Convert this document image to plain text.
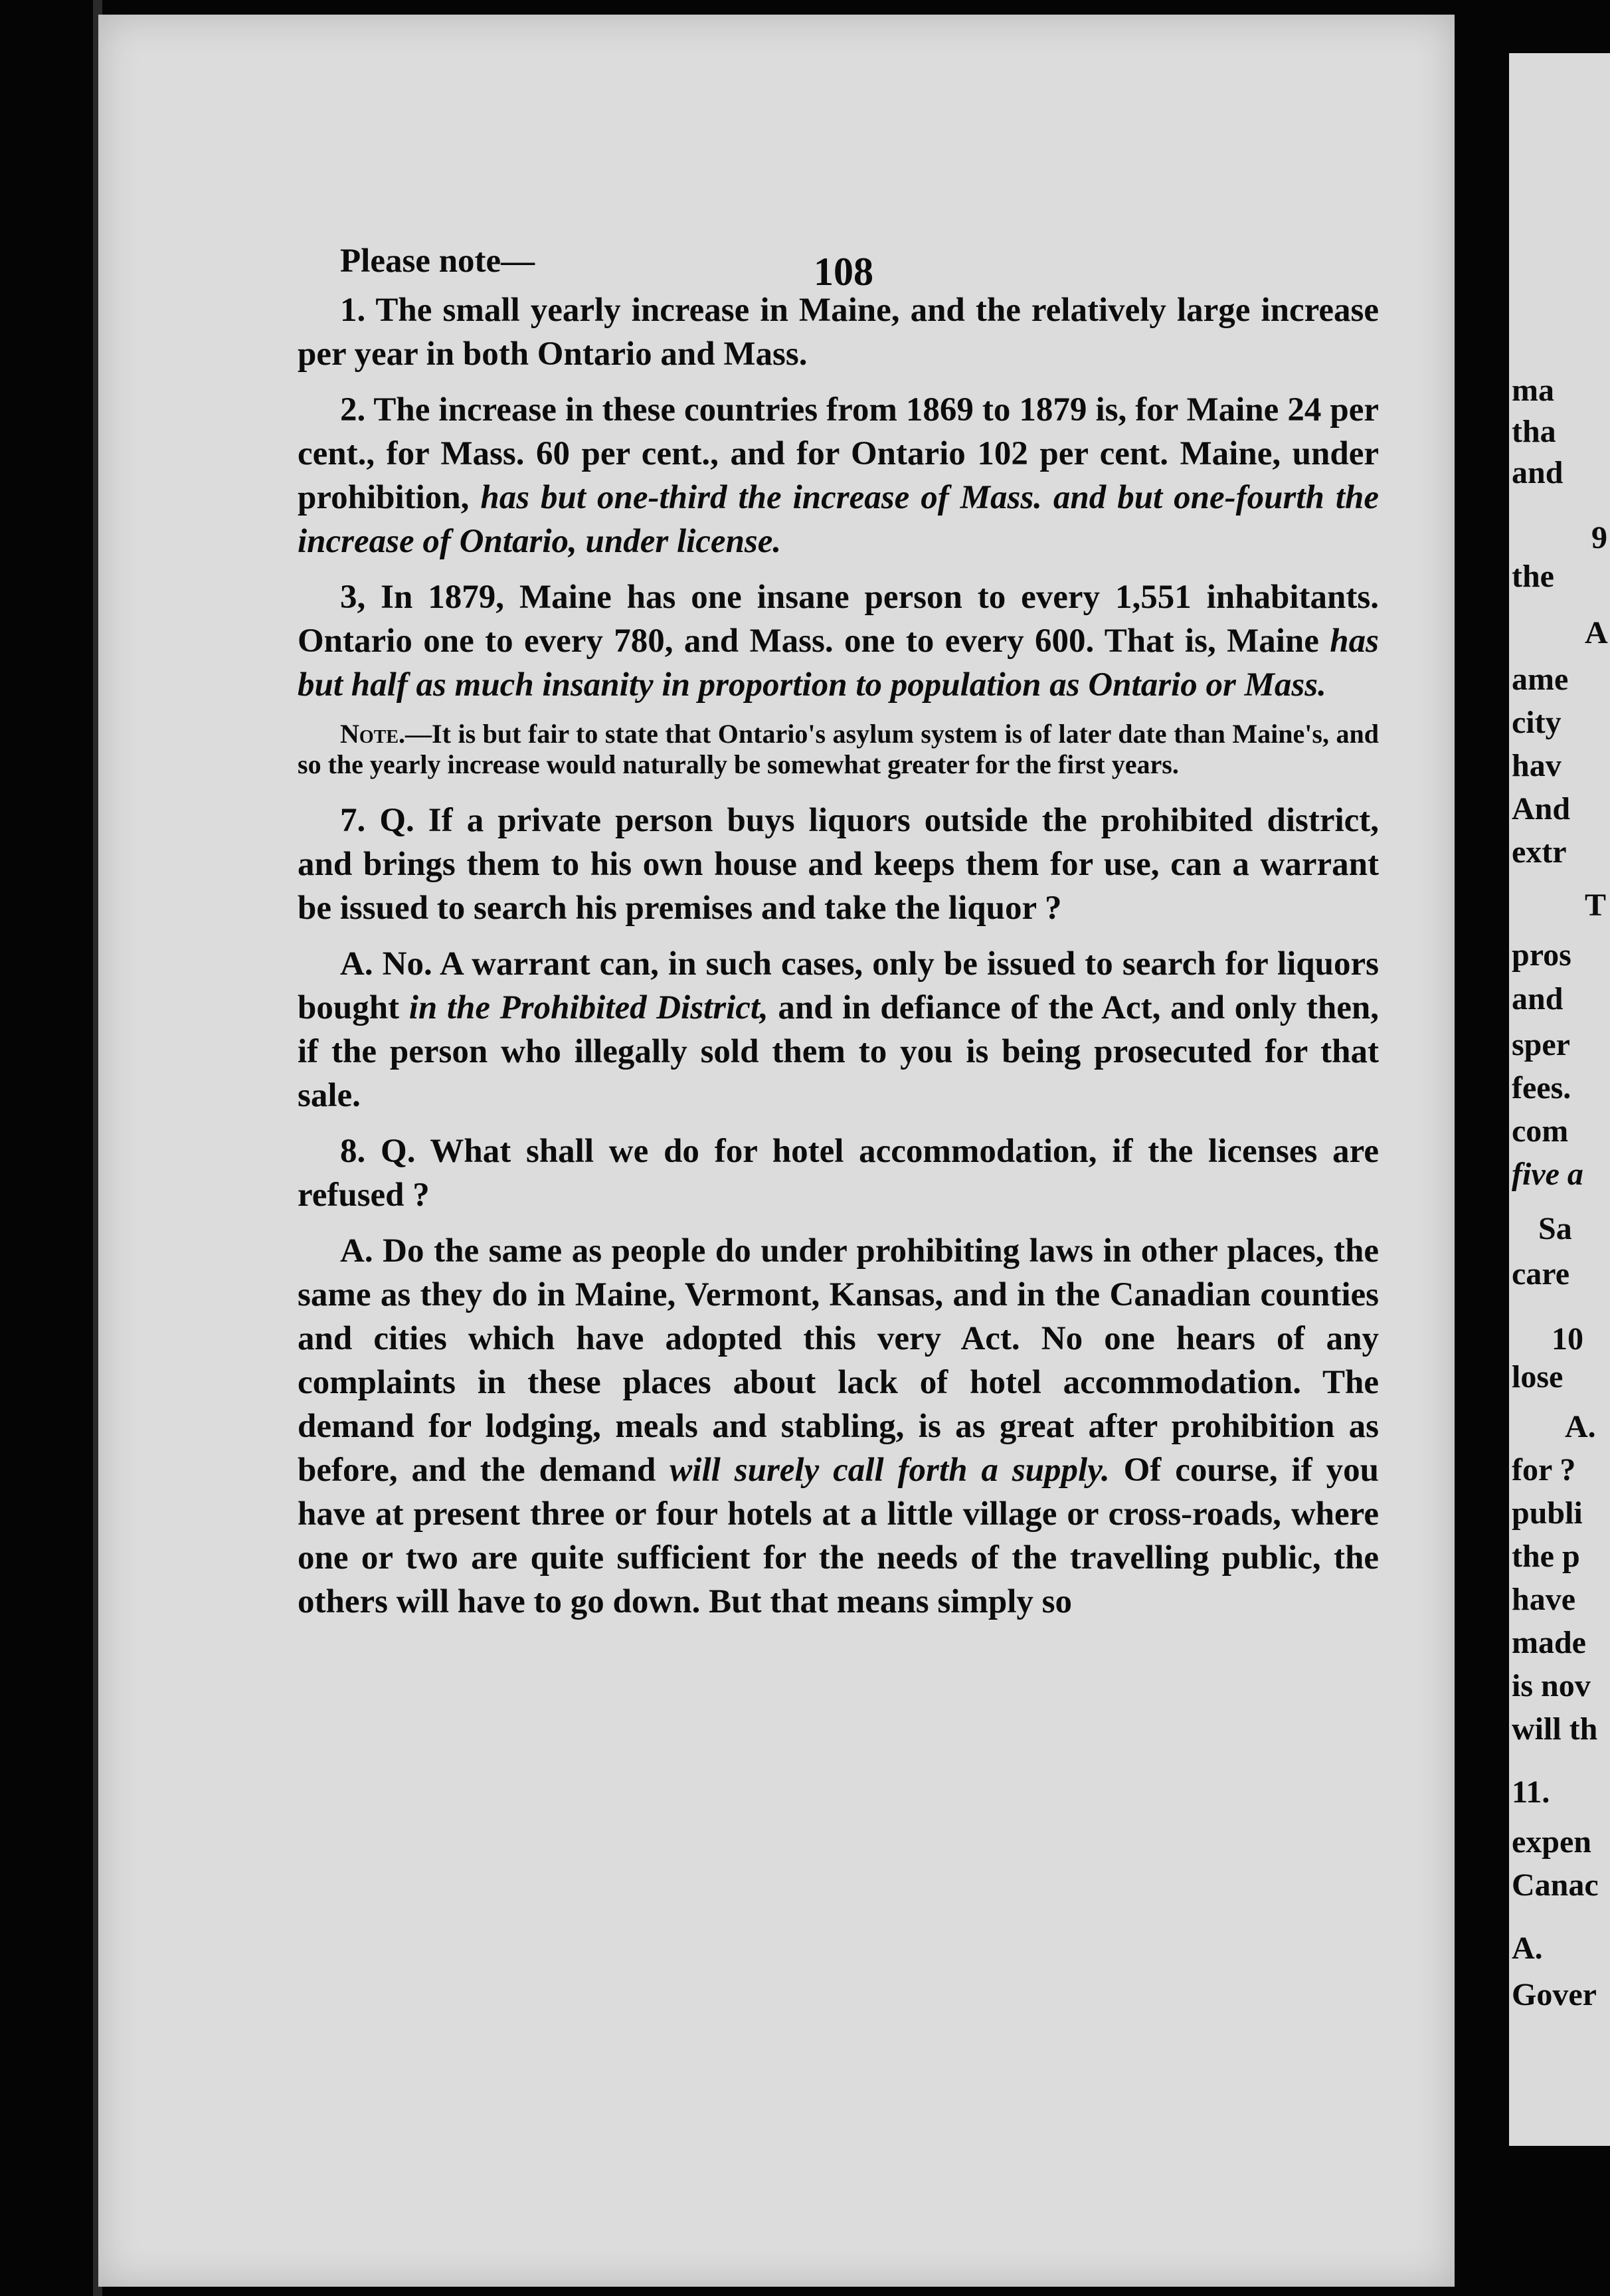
108

Please note—

1. The small yearly increase in Maine, and the relatively large increase per year in both Ontario and Mass.

2. The increase in these countries from 1869 to 1879 is, for Maine 24 per cent., for Mass. 60 per cent., and for Ontario 102 per cent. Maine, under prohibition, has but one-third the increase of Mass. and but one-fourth the increase of Ontario, under license.

3, In 1879, Maine has one insane person to every 1,551 inhabitants. Ontario one to every 780, and Mass. one to every 600. That is, Maine has but half as much insanity in proportion to population as Ontario or Mass.

Note.—It is but fair to state that Ontario's asylum system is of later date than Maine's, and so the yearly increase would naturally be somewhat greater for the first years.

7. Q. If a private person buys liquors outside the prohibited district, and brings them to his own house and keeps them for use, can a warrant be issued to search his premises and take the liquor ?

A. No. A warrant can, in such cases, only be issued to search for liquors bought in the Prohibited District, and in defiance of the Act, and only then, if the person who illegally sold them to you is being prosecuted for that sale.

8. Q. What shall we do for hotel accommodation, if the licenses are refused ?

A. Do the same as people do under prohibiting laws in other places, the same as they do in Maine, Vermont, Kansas, and in the Canadian counties and cities which have adopted this very Act. No one hears of any complaints in these places about lack of hotel accommodation. The demand for lodging, meals and stabling, is as great after prohibition as before, and the demand will surely call forth a supply. Of course, if you have at present three or four hotels at a little village or cross-roads, where one or two are quite sufficient for the needs of the travelling public, the others will have to go down. But that means simply so

ma
tha
and
9
the
A
ame
city
hav
And
extr
T
pros
and
sper
fees.
com
five a
Sa
care
10
lose
A.
for ?
publi
the p
have
made
is nov
will th
11.
expen
Canac
A.
Gover
